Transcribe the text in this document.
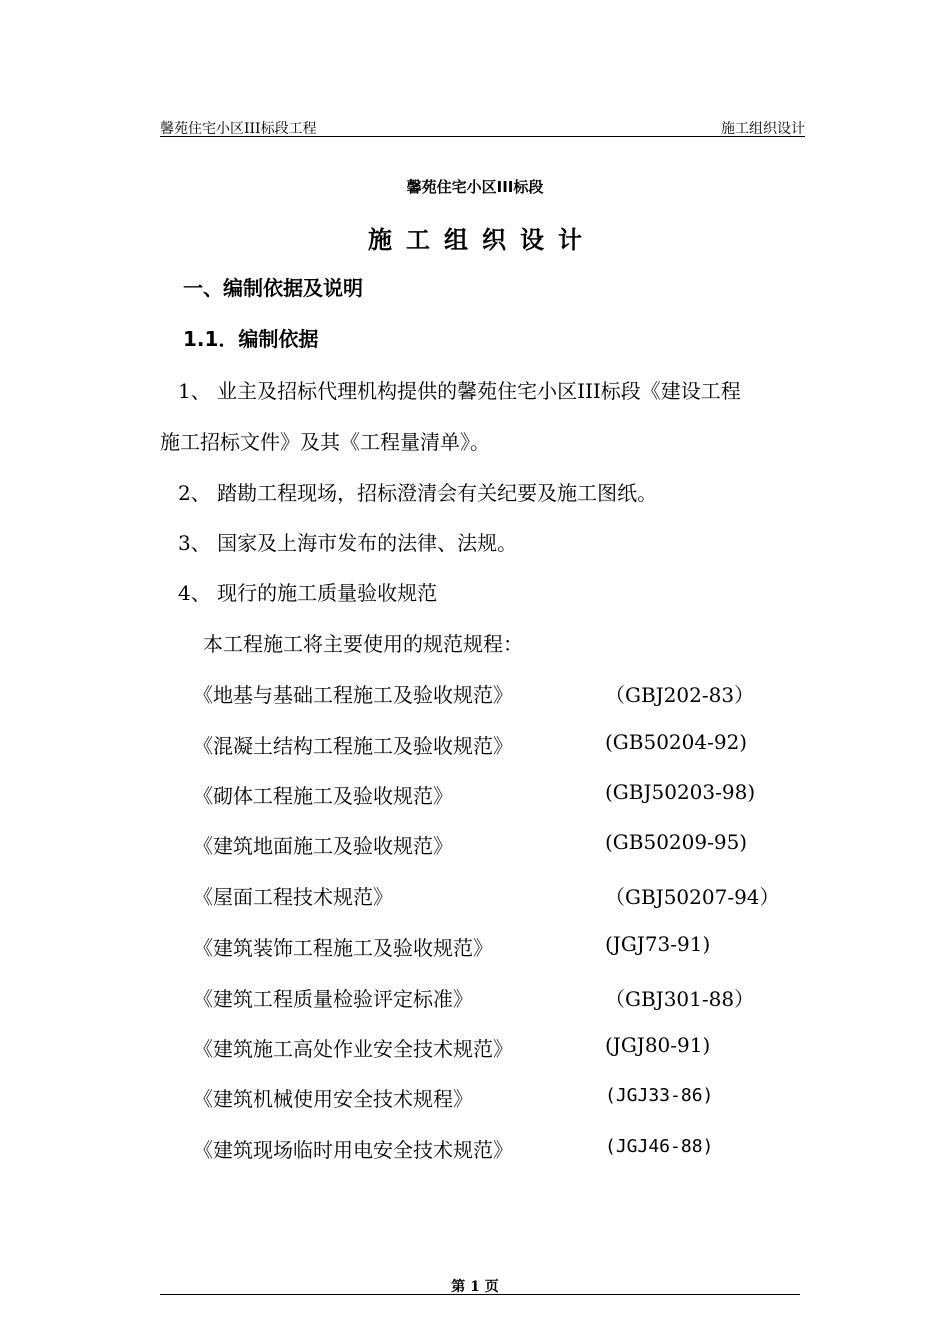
馨苑住宅小区III标段工程	施工组织设计
馨苑住宅小区III标段
施工组织设计
一、编制依据及说明
1.1．编制依据
1、 业主及招标代理机构提供的馨苑住宅小区III标段《建设工程
施工招标文件》及其《工程量清单》。
2、 踏勘工程现场，招标澄清会有关纪要及施工图纸。
3、 国家及上海市发布的法律、法规。
4、 现行的施工质量验收规范
本工程施工将主要使用的规范规程：
《地基与基础工程施工及验收规范》	（GBJ202-83）
《混凝土结构工程施工及验收规范》	(GB50204-92)
《砌体工程施工及验收规范》	(GBJ50203-98)
《建筑地面施工及验收规范》	(GB50209-95)
《屋面工程技术规范》	（GBJ50207-94）
《建筑装饰工程施工及验收规范》	(JGJ73-91)
《建筑工程质量检验评定标准》	（GBJ301-88）
《建筑施工高处作业安全技术规范》	(JGJ80-91)
《建筑机械使用安全技术规程》	(JGJ33-86)
《建筑现场临时用电安全技术规范》	(JGJ46-88)
第 1 页
